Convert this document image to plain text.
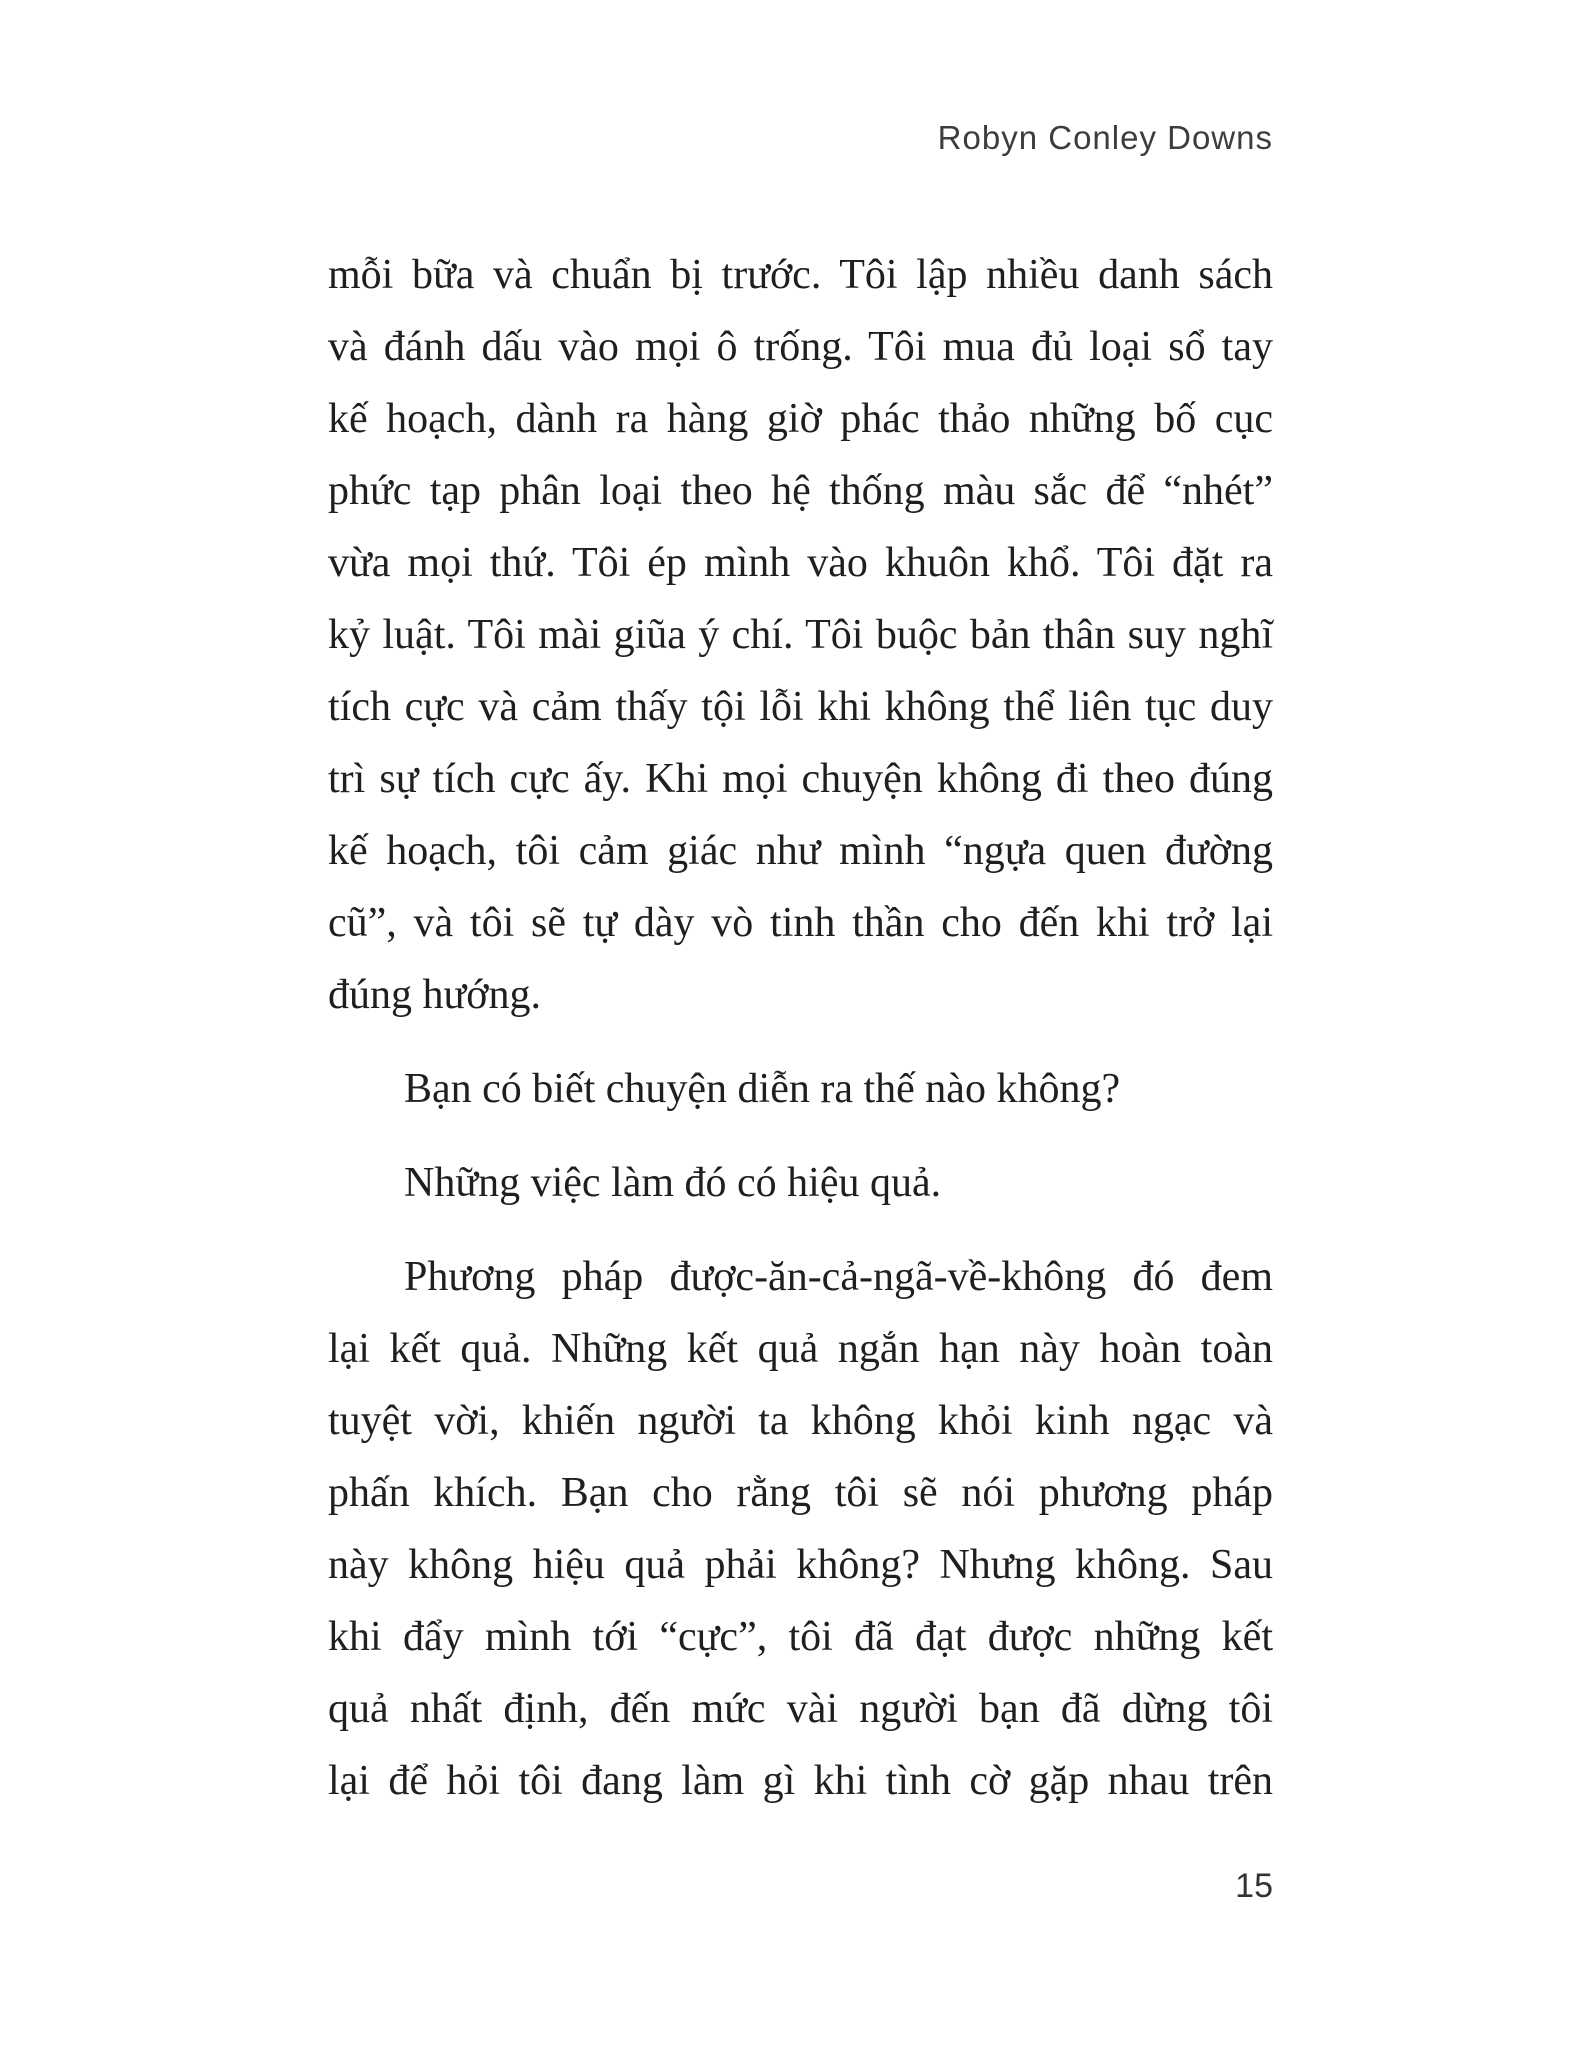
Robyn Conley Downs

mỗi bữa và chuẩn bị trước. Tôi lập nhiều danh sách
và đánh dấu vào mọi ô trống. Tôi mua đủ loại sổ tay
kế hoạch, dành ra hàng giờ phác thảo những bố cục
phức tạp phân loại theo hệ thống màu sắc để “nhét”
vừa mọi thứ. Tôi ép mình vào khuôn khổ. Tôi đặt ra
kỷ luật. Tôi mài giũa ý chí. Tôi buộc bản thân suy nghĩ
tích cực và cảm thấy tội lỗi khi không thể liên tục duy
trì sự tích cực ấy. Khi mọi chuyện không đi theo đúng
kế hoạch, tôi cảm giác như mình “ngựa quen đường
cũ”, và tôi sẽ tự dày vò tinh thần cho đến khi trở lại
đúng hướng.

Bạn có biết chuyện diễn ra thế nào không?

Những việc làm đó có hiệu quả.

Phương pháp được-ăn-cả-ngã-về-không đó đem
lại kết quả. Những kết quả ngắn hạn này hoàn toàn
tuyệt vời, khiến người ta không khỏi kinh ngạc và
phấn khích. Bạn cho rằng tôi sẽ nói phương pháp
này không hiệu quả phải không? Nhưng không. Sau
khi đẩy mình tới “cực”, tôi đã đạt được những kết
quả nhất định, đến mức vài người bạn đã dừng tôi
lại để hỏi tôi đang làm gì khi tình cờ gặp nhau trên

15
